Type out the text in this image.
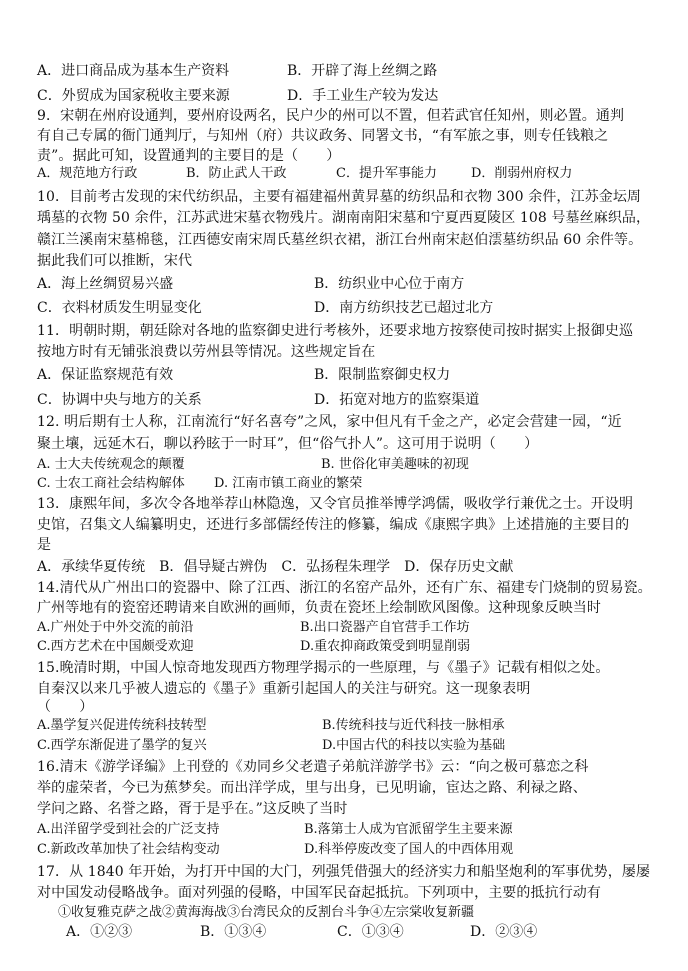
A．进口商品成为基本生产资料	B．开辟了海上丝绸之路
C．外贸成为国家税收主要来源	D．手工业生产较为发达
9．宋朝在州府设通判，要州府设两名，民户少的州可以不置，但若武官任知州，则必置。通判
有自己专属的衙门通判厅，与知州（府）共议政务、同署文书，“有军旅之事，则专任钱粮之
责”。据此可知，设置通判的主要目的是（　　）
A．规范地方行政	B．防止武人干政	C．提升军事能力	D．削弱州府权力
10．目前考古发现的宋代纺织品，主要有福建福州黄昇墓的纺织品和衣物 300 余件，江苏金坛周
瑀墓的衣物 50 余件，江苏武进宋墓衣物残片。湖南南阳宋墓和宁夏西夏陵区 108 号墓丝麻织品，
赣江兰溪南宋墓棉毯，江西德安南宋周氏墓丝织衣裙，浙江台州南宋赵伯澐墓纺织品 60 余件等。
据此我们可以推断，宋代
A．海上丝绸贸易兴盛	B．纺织业中心位于南方
C．衣料材质发生明显变化	D．南方纺织技艺已超过北方
11．明朝时期，朝廷除对各地的监察御史进行考核外，还要求地方按察使司按时据实上报御史巡
按地方时有无铺张浪费以劳州县等情况。这些规定旨在
A．保证监察规范有效	B．限制监察御史权力
C．协调中央与地方的关系	D．拓宽对地方的监察渠道
12. 明后期有士人称，江南流行“好名喜夸”之风，家中但凡有千金之产，必定会营建一园，“近
聚土壤，远延木石，聊以矜眩于一时耳”，但“俗气扑人”。这可用于说明（　　）
A. 士大夫传统观念的颠覆	B. 世俗化审美趣味的初现
C. 士农工商社会结构解体 D. 江南市镇工商业的繁荣
13．康熙年间，多次令各地举荐山林隐逸，又令官员推举博学鸿儒，吸收学行兼优之士。开设明
史馆，召集文人编纂明史，还进行多部儒经传注的修纂，编成《康熙字典》上述措施的主要目的
是
A．承续华夏传统　B．倡导疑古辨伪　C．弘扬程朱理学　D．保存历史文献
14.清代从广州出口的瓷器中、除了江西、浙江的名窑产品外，还有广东、福建专门烧制的贸易瓷。
广州等地有的瓷窑还聘请来自欧洲的画师，负责在瓷坯上绘制欧风图像。这种现象反映当时
A.广州处于中外交流的前沿	B.出口瓷器产自官营手工作坊
C.西方艺术在中国颇受欢迎	D.重农抑商政策受到明显削弱
15.晚清时期，中国人惊奇地发现西方物理学揭示的一些原理，与《墨子》记载有相似之处。
自秦汉以来几乎被人遗忘的《墨子》重新引起国人的关注与研究。这一现象表明
（　　）
A.墨学复兴促进传统科技转型	B.传统科技与近代科技一脉相承
C.西学东渐促进了墨学的复兴	D.中国古代的科技以实验为基础
16.清末《游学译编》上刊登的《劝同乡父老遣子弟航洋游学书》云：“向之极可慕恋之科
举的虚荣者，今已为蕉梦矣。而出洋学成，里与出身，已见明谕，宦达之路、利禄之路、
学问之路、名誉之路，胥于是乎在。”这反映了当时
A.出洋留学受到社会的广泛支持	B.落第士人成为官派留学生主要来源
C.新政改革加快了社会结构变动	D.科举停废改变了国人的中西体用观
17．从 1840 年开始，为打开中国的大门，列强凭借强大的经济实力和船坚炮利的军事优势，屡屡
对中国发动侵略战争。面对列强的侵略，中国军民奋起抵抗。下列项中，主要的抵抗行动有
①收复雅克萨之战②黄海海战③台湾民众的反割台斗争④左宗棠收复新疆
A．①②③	B．①③④	C．①③④	D．②③④
